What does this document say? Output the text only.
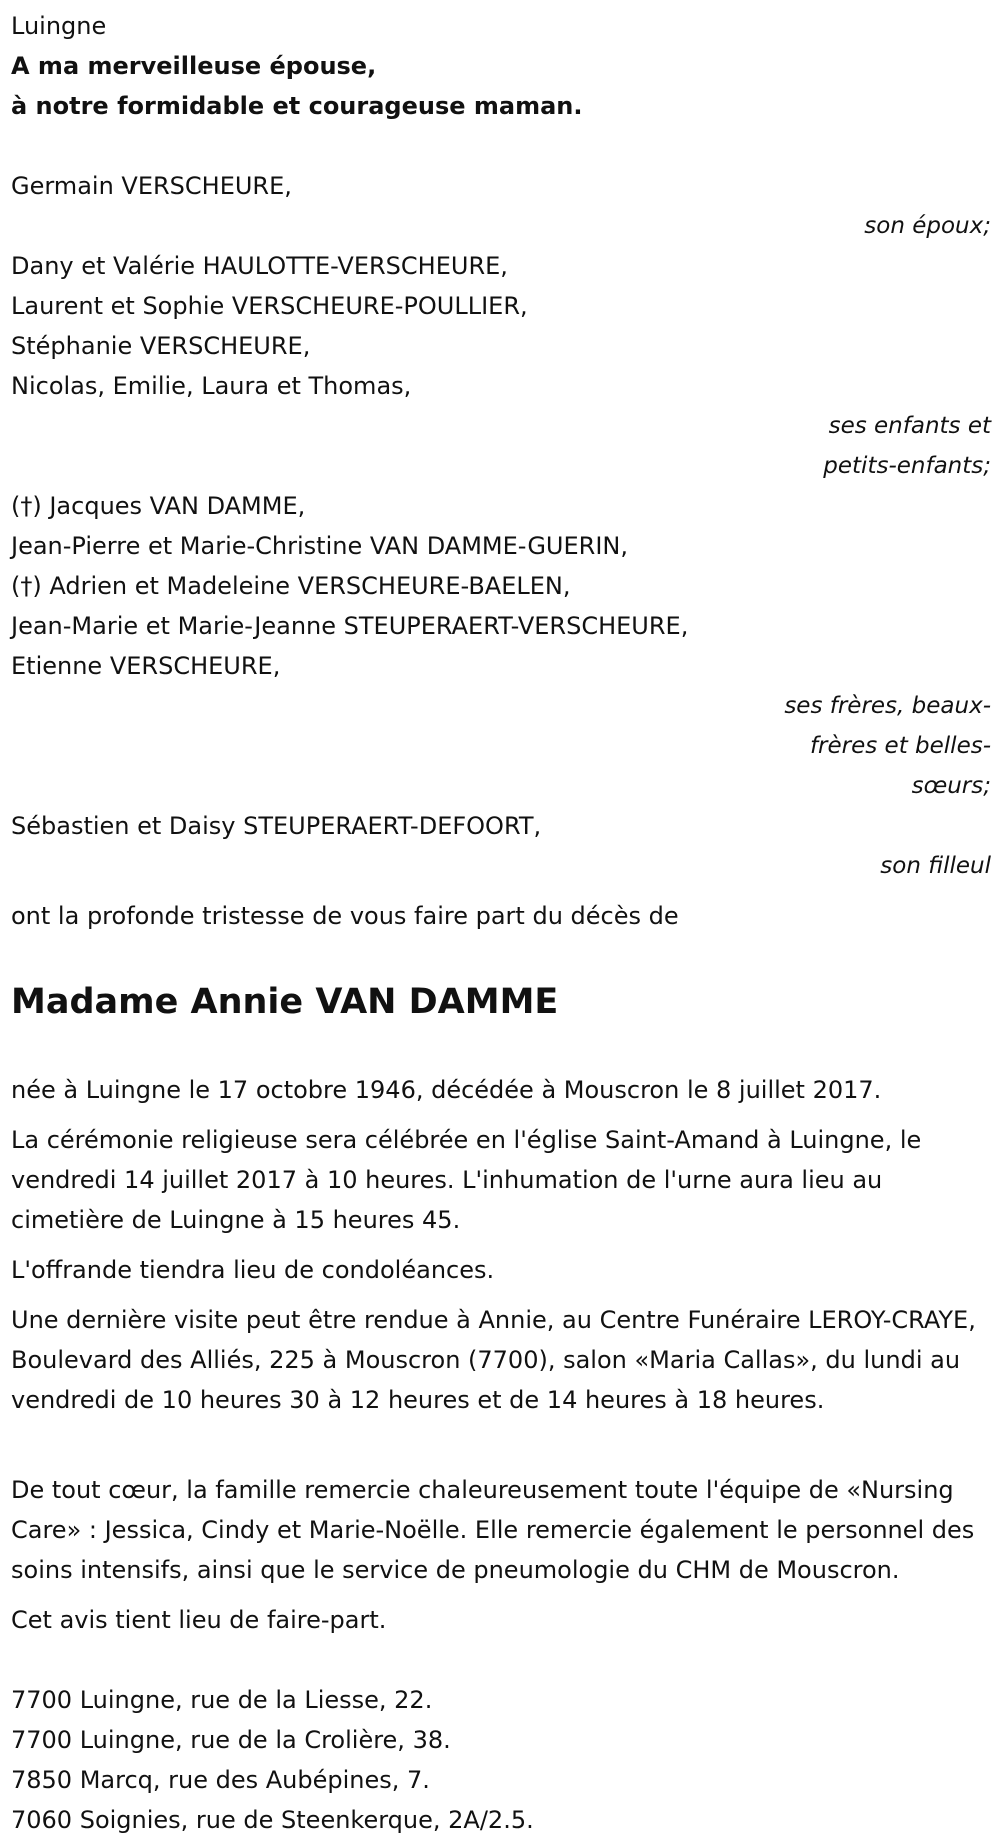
Luingne
A ma merveilleuse épouse,
à notre formidable et courageuse maman.
Germain VERSCHEURE,
son époux;
Dany et Valérie HAULOTTE-VERSCHEURE,
Laurent et Sophie VERSCHEURE-POULLIER,
Stéphanie VERSCHEURE,
Nicolas, Emilie, Laura et Thomas,
ses enfants et
petits-enfants;
(†) Jacques VAN DAMME,
Jean-Pierre et Marie-Christine VAN DAMME-GUERIN,
(†) Adrien et Madeleine VERSCHEURE-BAELEN,
Jean-Marie et Marie-Jeanne STEUPERAERT-VERSCHEURE,
Etienne VERSCHEURE,
ses frères, beaux-
frères et belles-
sœurs;
Sébastien et Daisy STEUPERAERT-DEFOORT,
son filleul
ont la profonde tristesse de vous faire part du décès de
Madame Annie VAN DAMME
née à Luingne le 17 octobre 1946, décédée à Mouscron le 8 juillet 2017.
La cérémonie religieuse sera célébrée en l'église Saint-Amand à Luingne, le vendredi 14 juillet 2017 à 10 heures. L'inhumation de l'urne aura lieu au cimetière de Luingne à 15 heures 45.
L'offrande tiendra lieu de condoléances.
Une dernière visite peut être rendue à Annie, au Centre Funéraire LEROY-CRAYE, Boulevard des Alliés, 225 à Mouscron (7700), salon «Maria Callas», du lundi au vendredi de 10 heures 30 à 12 heures et de 14 heures à 18 heures.
De tout cœur, la famille remercie chaleureusement toute l'équipe de «Nursing Care» : Jessica, Cindy et Marie-Noëlle. Elle remercie également le personnel des soins intensifs, ainsi que le service de pneumologie du CHM de Mouscron.
Cet avis tient lieu de faire-part.
7700 Luingne, rue de la Liesse, 22.
7700 Luingne, rue de la Crolière, 38.
7850 Marcq, rue des Aubépines, 7.
7060 Soignies, rue de Steenkerque, 2A/2.5.
